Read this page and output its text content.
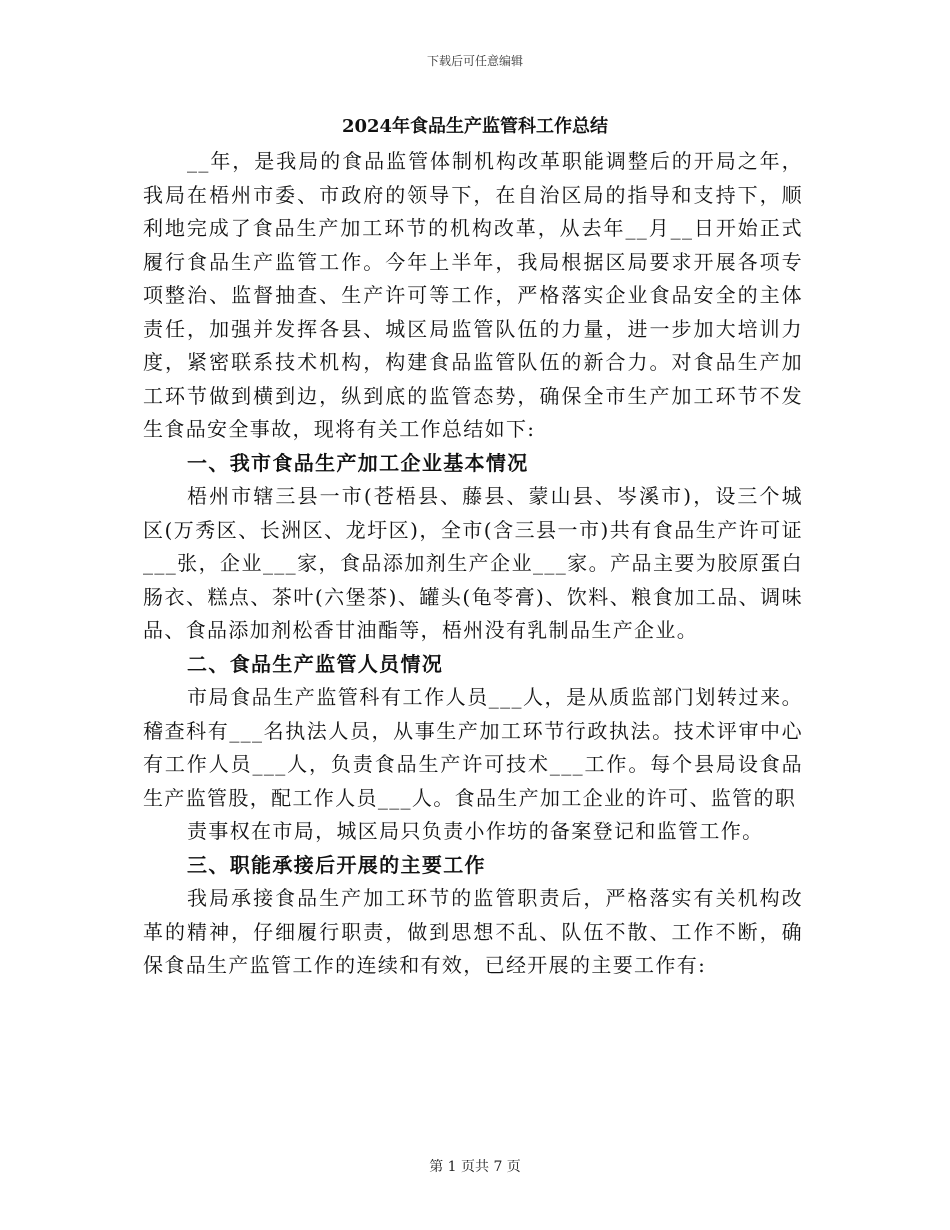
下载后可任意编辑
2024年食品生产监管科工作总结

__年，是我局的食品监管体制机构改革职能调整后的开局之年，我局在梧州市委、市政府的领导下，在自治区局的指导和支持下，顺利地完成了食品生产加工环节的机构改革，从去年__月__日开始正式履行食品生产监管工作。今年上半年，我局根据区局要求开展各项专项整治、监督抽查、生产许可等工作，严格落实企业食品安全的主体责任，加强并发挥各县、城区局监管队伍的力量，进一步加大培训力度，紧密联系技术机构，构建食品监管队伍的新合力。对食品生产加工环节做到横到边，纵到底的监管态势，确保全市生产加工环节不发生食品安全事故，现将有关工作总结如下:

一、我市食品生产加工企业基本情况

梧州市辖三县一市(苍梧县、藤县、蒙山县、岑溪市)，设三个城区(万秀区、长洲区、龙圩区)，全市(含三县一市)共有食品生产许可证___张，企业___家，食品添加剂生产企业___家。产品主要为胶原蛋白肠衣、糕点、茶叶(六堡茶)、罐头(龟苓膏)、饮料、粮食加工品、调味品、食品添加剂松香甘油酯等，梧州没有乳制品生产企业。

二、食品生产监管人员情况

市局食品生产监管科有工作人员___人，是从质监部门划转过来。稽查科有___名执法人员，从事生产加工环节行政执法。技术评审中心有工作人员___人，负责食品生产许可技术___工作。每个县局设食品生产监管股，配工作人员___人。食品生产加工企业的许可、监管的职

责事权在市局，城区局只负责小作坊的备案登记和监管工作。

三、职能承接后开展的主要工作

我局承接食品生产加工环节的监管职责后，严格落实有关机构改革的精神，仔细履行职责，做到思想不乱、队伍不散、工作不断，确保食品生产监管工作的连续和有效，已经开展的主要工作有:

第 1 页共 7 页
